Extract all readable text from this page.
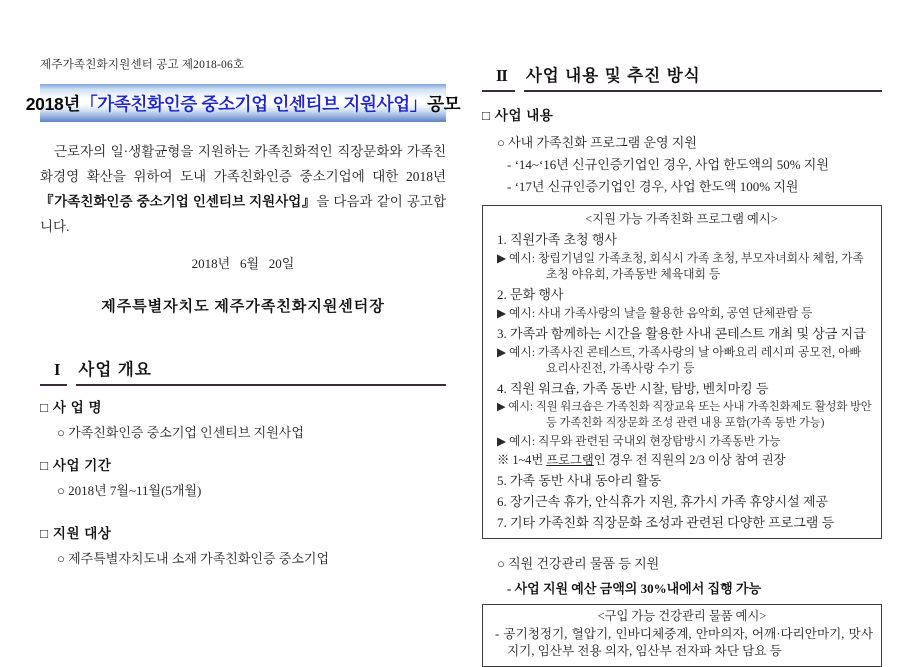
제주가족친화지원센터 공고 제2018-06호
2018년 「가족친화인증 중소기업 인센티브 지원사업」 공모

근로자의 일·생활균형을 지원하는 가족친화적인 직장문화와 가족친화경영 확산을 위하여 도내 가족친화인증 중소기업에 대한 2018년 『가족친화인증 중소기업 인센티브 지원사업』을 다음과 같이 공고합니다.

2018년   6월   20일
제주특별자치도 제주가족친화지원센터장
I	사업 개요
□ 사 업 명
○ 가족친화인증 중소기업 인센티브 지원사업
□ 사업 기간
○ 2018년 7월~11월(5개월)
□ 지원 대상
○ 제주특별자치도내 소재 가족친화인증 중소기업
II	사업 내용 및 추진 방식
□ 사업 내용
○ 사내 가족친화 프로그램 운영 지원
- ‘14~‘16년 신규인증기업인 경우, 사업 한도액의 50% 지원
- ‘17년 신규인증기업인 경우, 사업 한도액 100% 지원
<지원 가능 가족친화 프로그램 예시>
1. 직원가족 초청 행사
▶ 예시: 창립기념일 가족초청, 회식시 가족 초청, 부모자녀회사 체험, 가족 초청 야유회, 가족동반 체육대회 등
2. 문화 행사
▶ 예시: 사내 가족사랑의 날을 활용한 음악회, 공연 단체관람 등
3. 가족과 함께하는 시간을 활용한 사내 콘테스트 개최 및 상금 지급
▶ 예시: 가족사진 콘테스트, 가족사랑의 날 아빠요리 레시피 공모전, 아빠 요리사진전, 가족사랑 수기 등
4. 직원 워크숍, 가족 동반 시찰, 탐방, 벤치마킹 등
▶ 예시: 직원 워크숍은 가족친화 직장교육 또는 사내 가족친화제도 활성화 방안 등 가족친화 직장문화 조성 관련 내용 포함(가족 동반 가능)
▶ 예시: 직무와 관련된 국내외 현장탐방시 가족동반 가능
※ 1~4번 프로그램인 경우 전 직원의 2/3 이상 참여 권장
5. 가족 동반 사내 동아리 활동
6. 장기근속 휴가, 안식휴가 지원, 휴가시 가족 휴양시설 제공
7. 기타 가족친화 직장문화 조성과 관련된 다양한 프로그램 등
○ 직원 건강관리 물품 등 지원
- 사업 지원 예산 금액의 30%내에서 집행 가능
<구입 가능 건강관리 물품 예시>
- 공기청정기, 혈압기, 인바디체중계, 안마의자, 어깨·다리안마기, 맛사지기, 임산부 전용 의자, 임산부 전자파 차단 담요 등
